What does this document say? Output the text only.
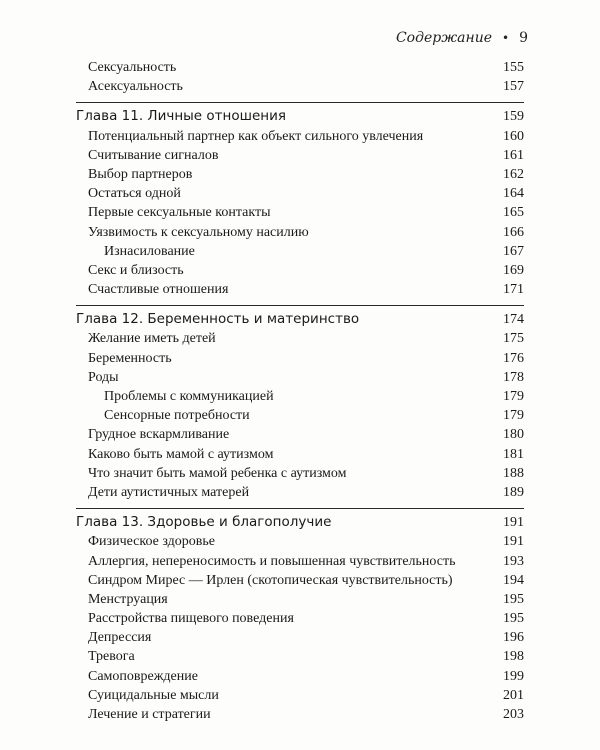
Содержание • 9
Сексуальность	155
Асексуальность	157
Глава 11. Личные отношения	159
Потенциальный партнер как объект сильного увлечения	160
Считывание сигналов	161
Выбор партнеров	162
Остаться одной	164
Первые сексуальные контакты	165
Уязвимость к сексуальному насилию	166
Изнасилование	167
Секс и близость	169
Счастливые отношения	171
Глава 12. Беременность и материнство	174
Желание иметь детей	175
Беременность	176
Роды	178
Проблемы с коммуникацией	179
Сенсорные потребности	179
Грудное вскармливание	180
Каково быть мамой с аутизмом	181
Что значит быть мамой ребенка с аутизмом	188
Дети аутистичных матерей	189
Глава 13. Здоровье и благополучие	191
Физическое здоровье	191
Аллергия, непереносимость и повышенная чувствительность	193
Синдром Мирес — Ирлен (скотопическая чувствительность)	194
Менструация	195
Расстройства пищевого поведения	195
Депрессия	196
Тревога	198
Самоповреждение	199
Суицидальные мысли	201
Лечение и стратегии	203
